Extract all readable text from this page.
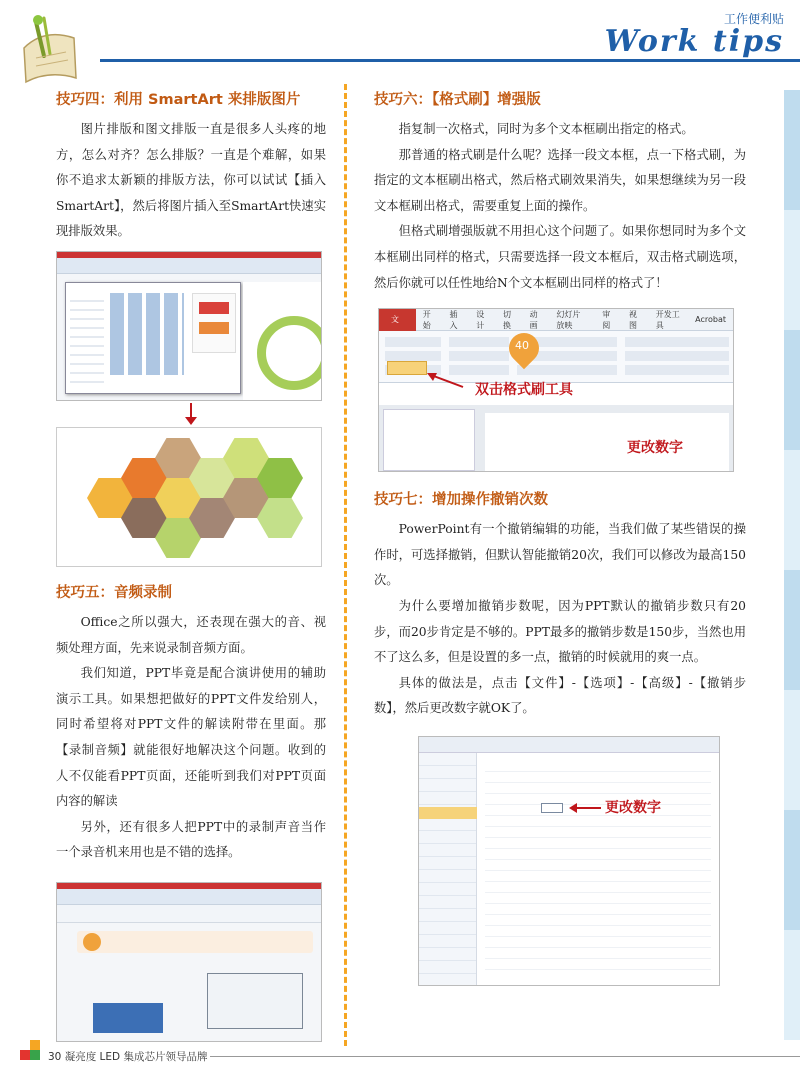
工作便利贴
Work tips
技巧四：利用 SmartArt 来排版图片

图片排版和图文排版一直是很多人头疼的地方，怎么对齐？怎么排版？一直是个难解，如果你不追求太新颖的排版方法，你可以试试【插入 SmartArt】，然后将图片插入至SmartArt快速实现排版效果。

技巧五：音频录制

Office之所以强大，还表现在强大的音、视频处理方面，先来说录制音频方面。

我们知道，PPT毕竟是配合演讲使用的辅助演示工具。如果想把做好的PPT文件发给别人，同时希望将对PPT文件的解读附带在里面。那【录制音频】就能很好地解决这个问题。收到的人不仅能看PPT页面，还能听到我们对PPT页面内容的解读

另外，还有很多人把PPT中的录制声音当作一个录音机来用也是不错的选择。

技巧六：【格式刷】增强版

指复制一次格式，同时为多个文本框刷出指定的格式。

那普通的格式刷是什么呢？选择一段文本框，点一下格式刷，为指定的文本框刷出格式，然后格式刷效果消失，如果想继续为另一段文本框刷出格式，需要重复上面的操作。

但格式刷增强版就不用担心这个问题了。如果你想同时为多个文本框刷出同样的格式，只需要选择一段文本框后，双击格式刷选项，然后你就可以任性地给N个文本框刷出同样的格式了！

文
开始
插入
设计
切换
动画
幻灯片放映
审阅
视图
开发工具
Acrobat
双击格式刷工具
40
更改数字
技巧七：增加操作撤销次数

PowerPoint有一个撤销编辑的功能，当我们做了某些错误的操作时，可选择撤销，但默认智能撤销20次，我们可以修改为最高150次。

为什么要增加撤销步数呢，因为PPT默认的撤销步数只有20步，而20步肯定是不够的。PPT最多的撤销步数是150步，当然也用不了这么多，但是设置的多一点，撤销的时候就用的爽一点。

具体的做法是，点击【文件】-【选项】-【高级】-【撤销步数】，然后更改数字就OK了。

更改数字
30 凝亮度 LED 集成芯片领导品牌
